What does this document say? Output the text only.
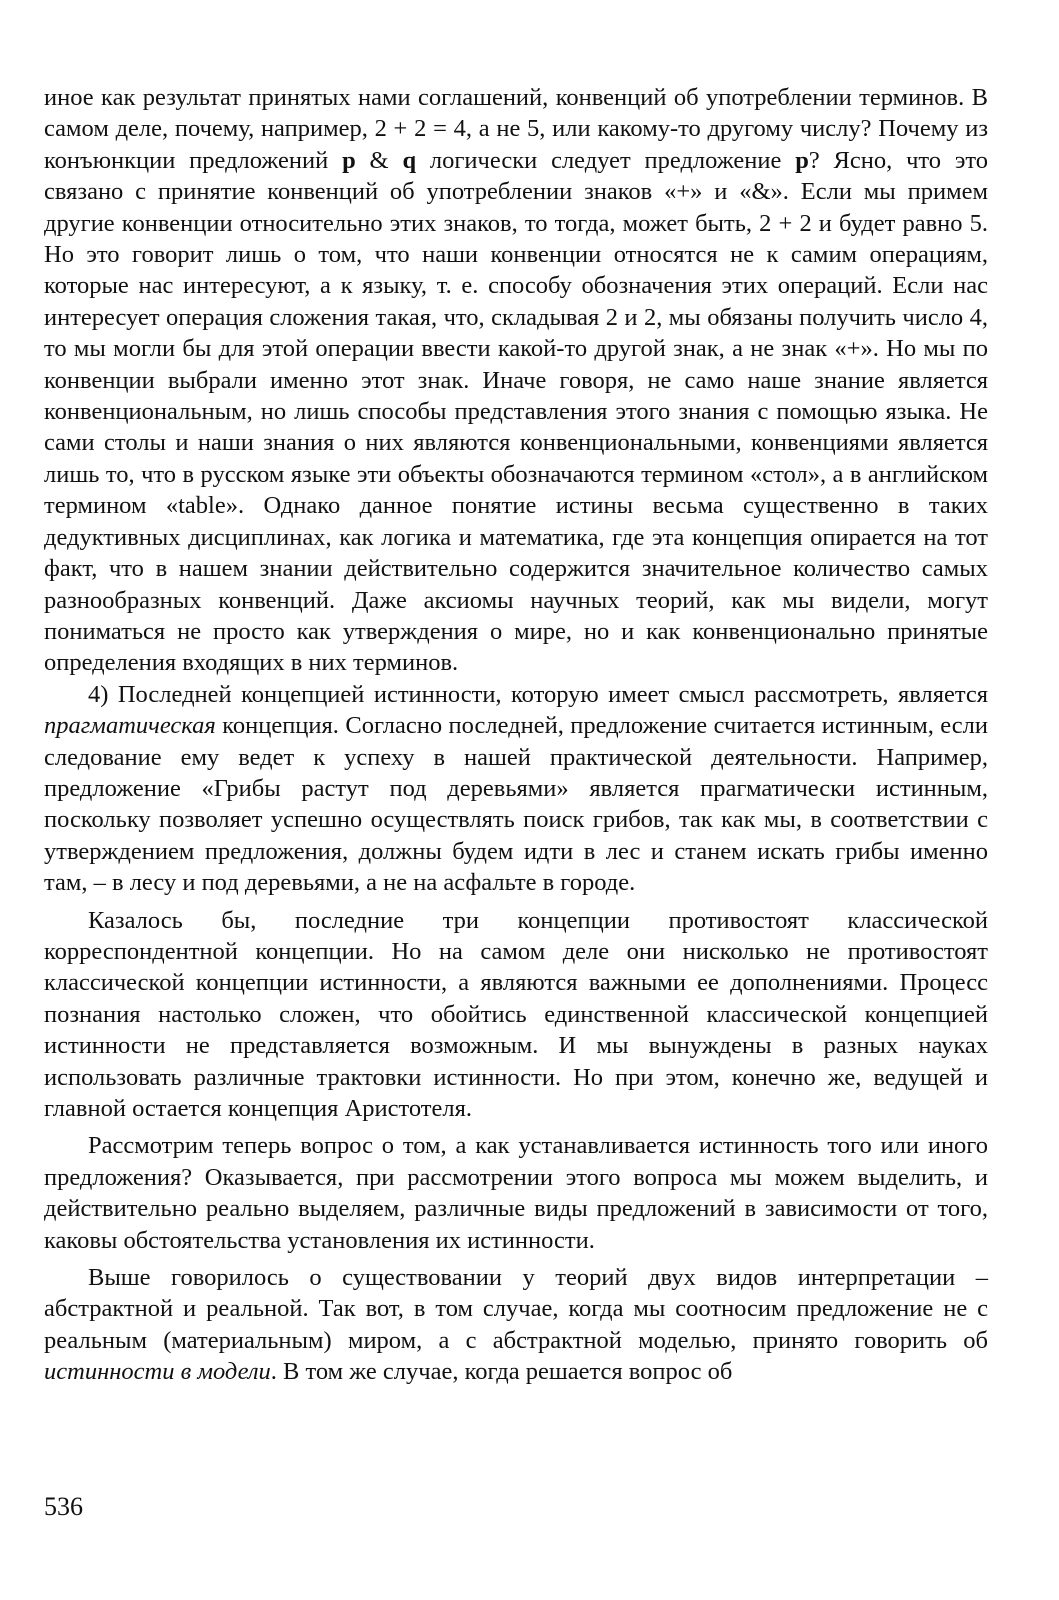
иное как результат принятых нами соглашений, конвенций об употреблении терминов. В самом деле, почему, например, 2 + 2 = 4, а не 5, или какому-то другому числу? Почему из конъюнкции предложений p & q логически следует предложение p? Ясно, что это связано с принятие конвенций об употреблении знаков «+» и «&». Если мы примем другие конвенции относительно этих знаков, то тогда, может быть, 2 + 2 и будет равно 5. Но это говорит лишь о том, что наши конвенции относятся не к самим операциям, которые нас интересуют, а к языку, т. е. способу обозначения этих операций. Если нас интересует операция сложения такая, что, складывая 2 и 2, мы обязаны получить число 4, то мы могли бы для этой операции ввести какой-то другой знак, а не знак «+». Но мы по конвенции выбрали именно этот знак. Иначе говоря, не само наше знание является конвенциональным, но лишь способы представления этого знания с помощью языка. Не сами столы и наши знания о них являются конвенциональными, конвенциями является лишь то, что в русском языке эти объекты обозначаются термином «стол», а в английском термином «table». Однако данное понятие истины весьма существенно в таких дедуктивных дисциплинах, как логика и математика, где эта концепция опирается на тот факт, что в нашем знании действительно содержится значительное количество самых разнообразных конвенций. Даже аксиомы научных теорий, как мы видели, могут пониматься не просто как утверждения о мире, но и как конвенционально принятые определения входящих в них терминов.

4) Последней концепцией истинности, которую имеет смысл рассмотреть, является прагматическая концепция. Согласно последней, предложение считается истинным, если следование ему ведет к успеху в нашей практической деятельности. Например, предложение «Грибы растут под деревьями» является прагматически истинным, поскольку позволяет успешно осуществлять поиск грибов, так как мы, в соответствии с утверждением предложения, должны будем идти в лес и станем искать грибы именно там, – в лесу и под деревьями, а не на асфальте в городе.

Казалось бы, последние три концепции противостоят классической корреспондентной концепции. Но на самом деле они нисколько не противостоят классической концепции истинности, а являются важными ее дополнениями. Процесс познания настолько сложен, что обойтись единственной классической концепцией истинности не представляется возможным. И мы вынуждены в разных науках использовать различные трактовки истинности. Но при этом, конечно же, ведущей и главной остается концепция Аристотеля.

Рассмотрим теперь вопрос о том, а как устанавливается истинность того или иного предложения? Оказывается, при рассмотрении этого вопроса мы можем выделить, и действительно реально выделяем, различные виды предложений в зависимости от того, каковы обстоятельства установления их истинности.

Выше говорилось о существовании у теорий двух видов интерпретации – абстрактной и реальной. Так вот, в том случае, когда мы соотносим предложение не с реальным (материальным) миром, а с абстрактной моделью, принято говорить об истинности в модели. В том же случае, когда решается вопрос об

536
